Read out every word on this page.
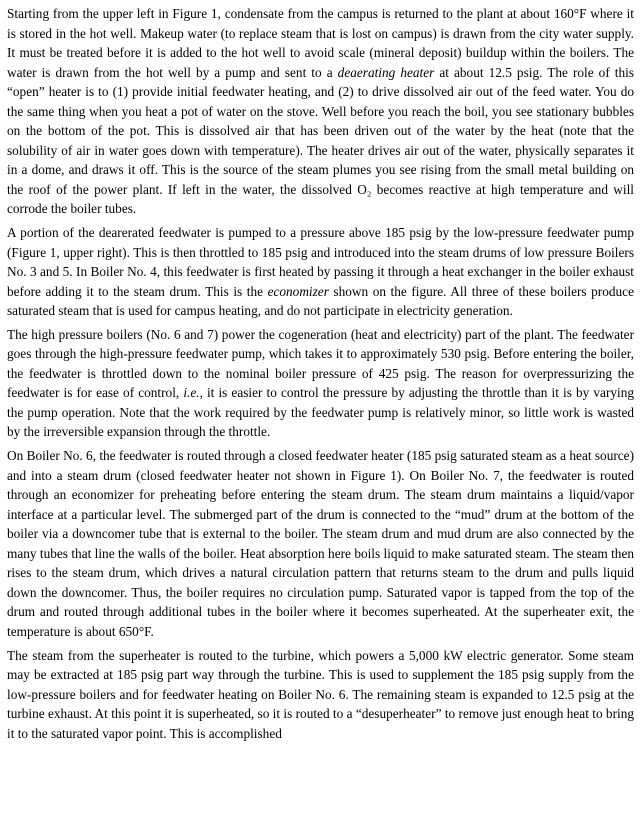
Starting from the upper left in Figure 1, condensate from the campus is returned to the plant at about 160°F where it is stored in the hot well. Makeup water (to replace steam that is lost on campus) is drawn from the city water supply. It must be treated before it is added to the hot well to avoid scale (mineral deposit) buildup within the boilers. The water is drawn from the hot well by a pump and sent to a deaerating heater at about 12.5 psig. The role of this “open” heater is to (1) provide initial feedwater heating, and (2) to drive dissolved air out of the feed water. You do the same thing when you heat a pot of water on the stove. Well before you reach the boil, you see stationary bubbles on the bottom of the pot. This is dissolved air that has been driven out of the water by the heat (note that the solubility of air in water goes down with temperature). The heater drives air out of the water, physically separates it in a dome, and draws it off. This is the source of the steam plumes you see rising from the small metal building on the roof of the power plant. If left in the water, the dissolved O₂ becomes reactive at high temperature and will corrode the boiler tubes.

A portion of the dearerated feedwater is pumped to a pressure above 185 psig by the low-pressure feedwater pump (Figure 1, upper right). This is then throttled to 185 psig and introduced into the steam drums of low pressure Boilers No. 3 and 5. In Boiler No. 4, this feedwater is first heated by passing it through a heat exchanger in the boiler exhaust before adding it to the steam drum. This is the economizer shown on the figure. All three of these boilers produce saturated steam that is used for campus heating, and do not participate in electricity generation.

The high pressure boilers (No. 6 and 7) power the cogeneration (heat and electricity) part of the plant. The feedwater goes through the high-pressure feedwater pump, which takes it to approximately 530 psig. Before entering the boiler, the feedwater is throttled down to the nominal boiler pressure of 425 psig. The reason for overpressurizing the feedwater is for ease of control, i.e., it is easier to control the pressure by adjusting the throttle than it is by varying the pump operation. Note that the work required by the feedwater pump is relatively minor, so little work is wasted by the irreversible expansion through the throttle.

On Boiler No. 6, the feedwater is routed through a closed feedwater heater (185 psig saturated steam as a heat source) and into a steam drum (closed feedwater heater not shown in Figure 1). On Boiler No. 7, the feedwater is routed through an economizer for preheating before entering the steam drum. The steam drum maintains a liquid/vapor interface at a particular level. The submerged part of the drum is connected to the “mud” drum at the bottom of the boiler via a downcomer tube that is external to the boiler. The steam drum and mud drum are also connected by the many tubes that line the walls of the boiler. Heat absorption here boils liquid to make saturated steam. The steam then rises to the steam drum, which drives a natural circulation pattern that returns steam to the drum and pulls liquid down the downcomer. Thus, the boiler requires no circulation pump. Saturated vapor is tapped from the top of the drum and routed through additional tubes in the boiler where it becomes superheated. At the superheater exit, the temperature is about 650°F.

The steam from the superheater is routed to the turbine, which powers a 5,000 kW electric generator. Some steam may be extracted at 185 psig part way through the turbine. This is used to supplement the 185 psig supply from the low-pressure boilers and for feedwater heating on Boiler No. 6. The remaining steam is expanded to 12.5 psig at the turbine exhaust. At this point it is superheated, so it is routed to a “desuperheater” to remove just enough heat to bring it to the saturated vapor point. This is accomplished
